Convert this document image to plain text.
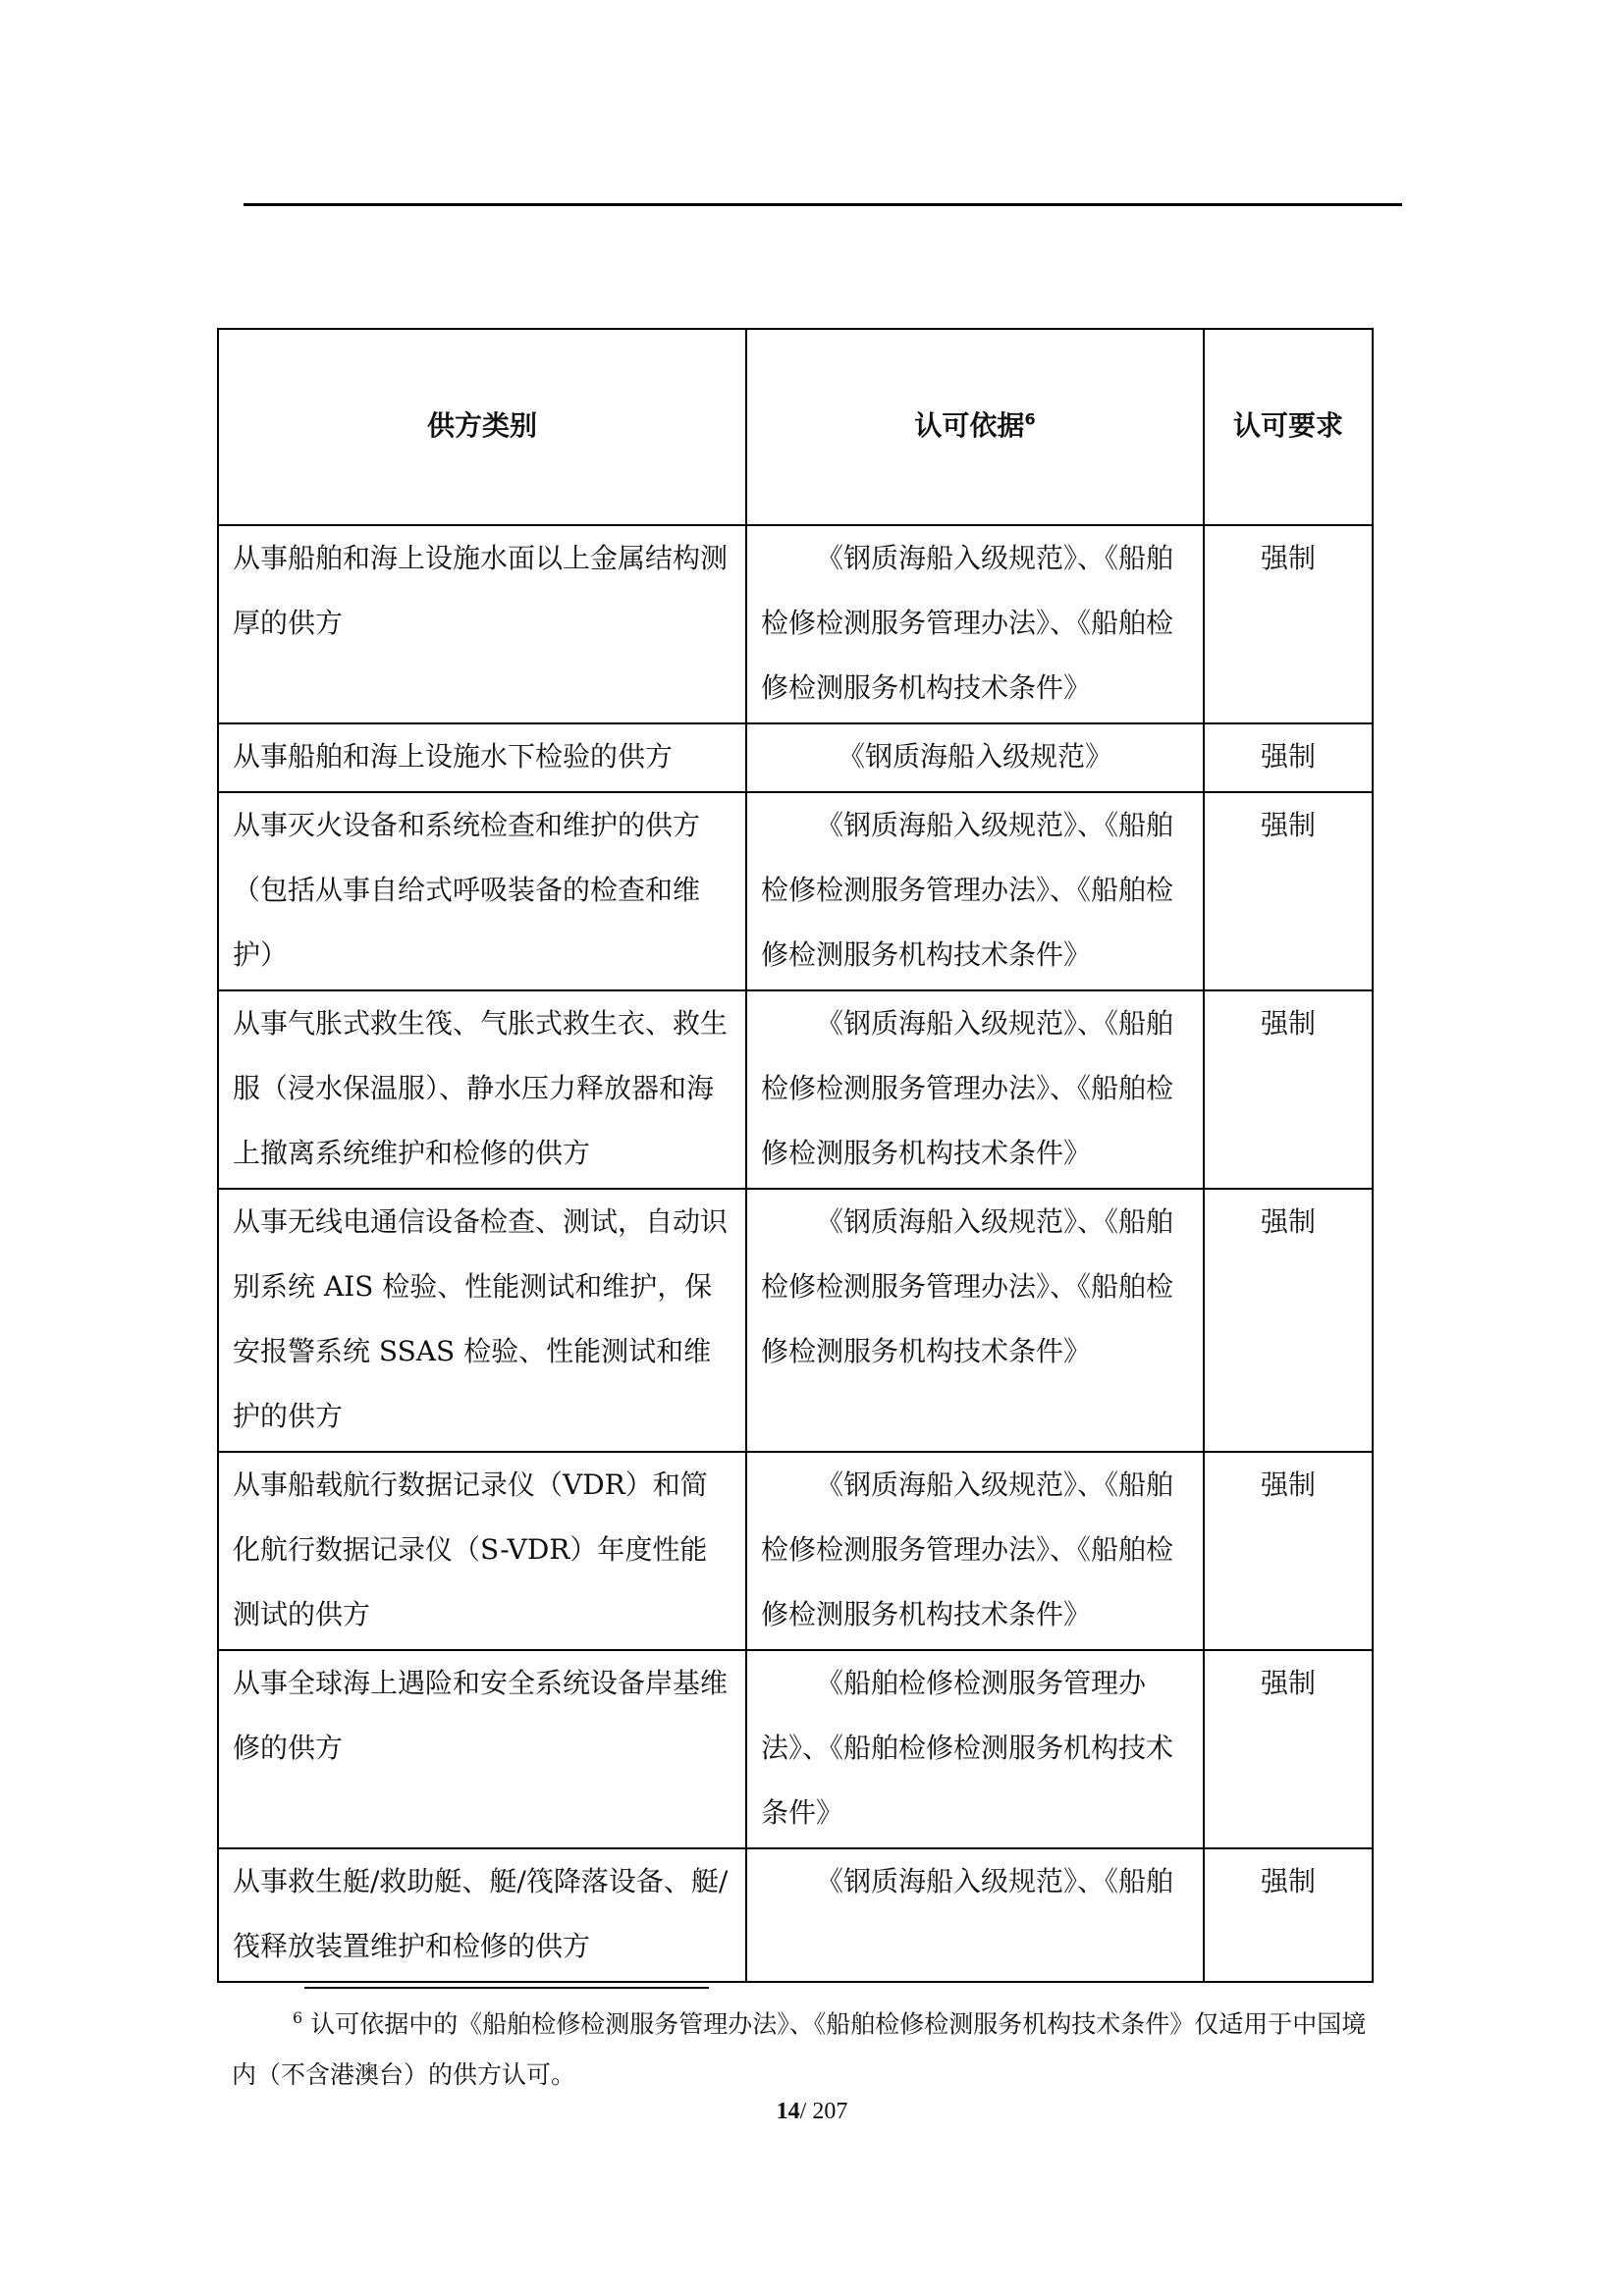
供方类别	认可依据$^6$	认可要求
从事船舶和海上设施水面以上金属结构测厚的供方	《钢质海船入级规范》、《船舶检修检测服务管理办法》、《船舶检修检测服务机构技术条件》	强制
从事船舶和海上设施水下检验的供方	《钢质海船入级规范》	强制
从事灭火设备和系统检查和维护的供方（包括从事自给式呼吸装备的检查和维护）	《钢质海船入级规范》、《船舶检修检测服务管理办法》、《船舶检修检测服务机构技术条件》	强制
从事气胀式救生筏、气胀式救生衣、救生服（浸水保温服）、静水压力释放器和海上撤离系统维护和检修的供方	《钢质海船入级规范》、《船舶检修检测服务管理办法》、《船舶检修检测服务机构技术条件》	强制
从事无线电通信设备检查、测试，自动识别系统 AIS 检验、性能测试和维护，保安报警系统 SSAS 检验、性能测试和维护的供方	《钢质海船入级规范》、《船舶检修检测服务管理办法》、《船舶检修检测服务机构技术条件》	强制
从事船载航行数据记录仪（VDR）和简化航行数据记录仪（S-VDR）年度性能测试的供方	《钢质海船入级规范》、《船舶检修检测服务管理办法》、《船舶检修检测服务机构技术条件》	强制
从事全球海上遇险和安全系统设备岸基维修的供方	《船舶检修检测服务管理办法》、《船舶检修检测服务机构技术条件》	强制
从事救生艇/救助艇、艇/筏降落设备、艇/筏释放装置维护和检修的供方	《钢质海船入级规范》、《船舶	强制
$^6$ 认可依据中的《船舶检修检测服务管理办法》、《船舶检修检测服务机构技术条件》仅适用于中国境内（不含港澳台）的供方认可。
14/ 207
